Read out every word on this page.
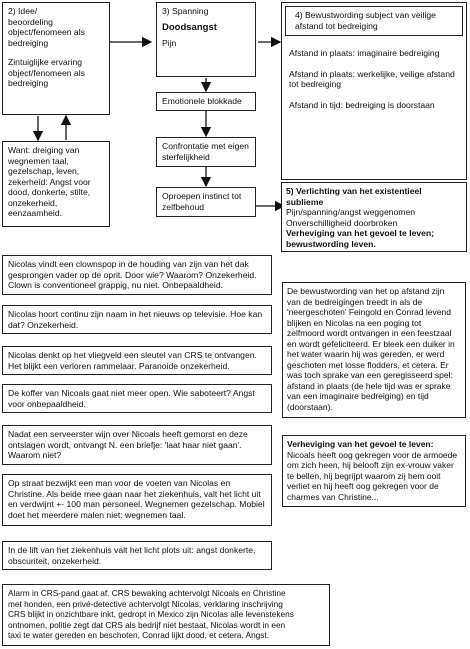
2) Idee/

beoordeling

object/fenomeen als

bedreiging

Zintuiglijke ervaring

object/fenomeen als

bedreiging

3) Spanning

Doodsangst

Pijn

Emotionele blokkade

Confrontatie met eigen

sterfelijkheid

Oproepen instinct tot

zelfbehoud

Want: dreiging van

wegnemen taal,

gezelschap, leven,

zekerheid: Angst voor

dood, donkerte, stilte,

onzekerheid,

eenzaamheid.

4) Bewustwording subject van veilige

afstand tot bedreiging

Afstand in plaats: imaginaire bedreiging

Afstand in plaats: werkelijke, veilige afstand

tot bedreiging

Afstand in tijd: bedreiging is doorstaan

5) Verlichting van het existentieel

sublieme

Pijn/spanning/angst weggenomen

Onverschilligheid doorbroken

Verheviging van het gevoel te leven;

bewustwording leven.

Nicolas vindt een clownspop in de houding van zijn van het dak

gesprongen vader op de oprit. Door wie? Waarom? Onzekerheid.

Clown is conventioneel grappig, nu niet. Onbepaaldheid.

Nicolas hoort continu zijn naam in het nieuws op televisie. Hoe kan

dat? Onzekerheid.

Nicolas denkt op het vliegveld een sleutel van CRS te ontvangen.

Het blijkt een verloren rammelaar. Paranoide onzekerheid.

De koffer van Nicoals gaat niet meer open. Wie saboteert? Angst

voor onbepaaldheid.

Nadat een serveerster wijn over Nicoals heeft gemorst en deze

ontslagen wordt, ontvangt N. een briefje: 'laat haar niet gaan'.

Waarom niet?

Op straat bezwijkt een man voor de voeten van Nicolas en

Christine. Als beide mee gaan naar het ziekenhuis, valt het licht uit

en verdwijnt +- 100 man personeel. Wegnemen gezelschap. Mobiel

doet het meerdere malen niet: wegnemen taal.

In de lift van het ziekenhuis valt het licht plots uit: angst donkerte,

obscuriteit, onzekerheid.

Alarm in CRS-pand gaat af. CRS bewaking achtervolgt Nicoals en Christine

met honden, een privé-detective achtervolgt Nicolas, verklaring inschrijving

CRS blijkt in onzichtbare inkt, gedropt in Mexico zijn Nicolas alle levenstekens

ontnomen, politie zegt dat CRS als bedrijf niet bestaat, Nicolas wordt in een

taxi te water gereden en beschoten, Conrad lijkt dood, et cetera. Angst.

De bewustwording van het op afstand zijn

van de bedreigingen treedt in als de

'neergeschoten' Feingold en Conrad levend

blijken en Nicolas na een poging tot

zelfmoord wordt ontvangen in een feestzaal

en wordt gefeliciteerd. Er bleek een duiker in

het water waarin hij was gereden, er werd

geschoten met losse flodders, et cetera. Er

was toch sprake van een geregisseerd spel:

afstand in plaats (de hele tijd was er sprake

van een imaginaire bedreiging) en tijd

(doorstaan).

Verheviging van het gevoel te leven:

Nicoals heeft oog gekregen voor de armoede

om zich heen, hij belooft zijn ex-vrouw vaker

te bellen, hij begrijpt waarom zij hem ooit

verliet en hij heeft oog gekregen voor de

charmes van Christine...
